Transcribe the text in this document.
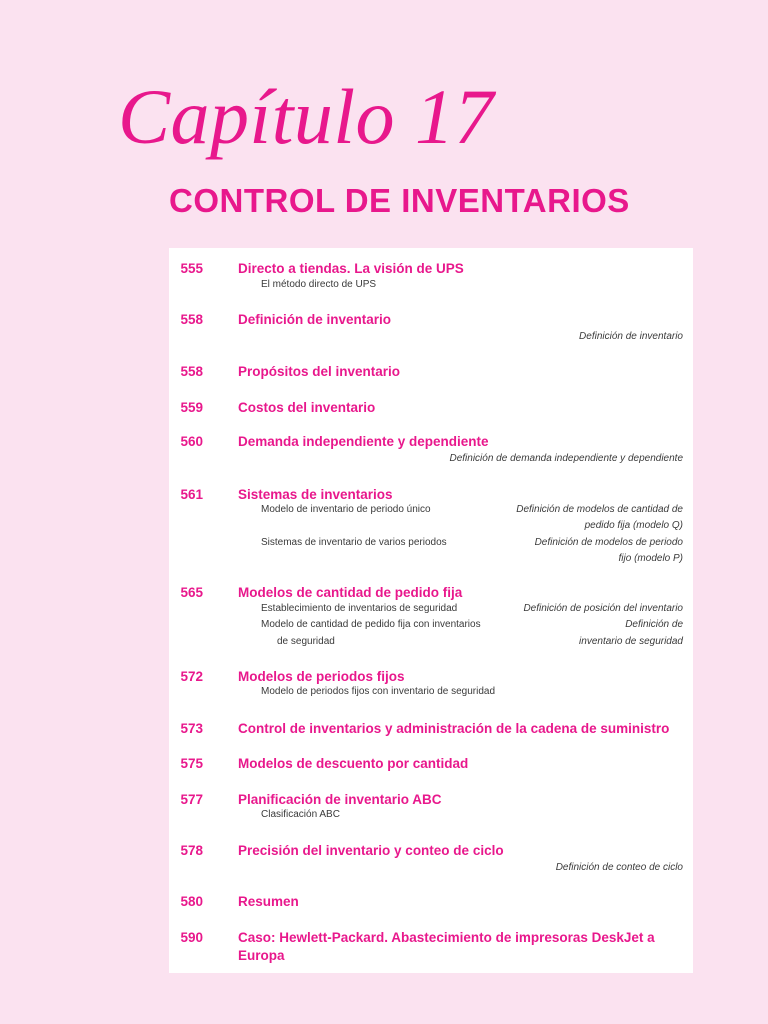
Capítulo 17
CONTROL DE INVENTARIOS
555	Directo a tiendas. La visión de UPS
El método directo de UPS
558	Definición de inventario
Definición de inventario
558	Propósitos del inventario
559	Costos del inventario
560	Demanda independiente y dependiente
Definición de demanda independiente y dependiente
561	Sistemas de inventarios
Modelo de inventario de periodo único	Definición de modelos de cantidad de
pedido fija (modelo Q)
Sistemas de inventario de varios periodos	Definición de modelos de periodo
fijo (modelo P)
565	Modelos de cantidad de pedido fija
Establecimiento de inventarios de seguridad	Definición de posición del inventario
Modelo de cantidad de pedido fija con inventarios	Definición de
de seguridad	inventario de seguridad
572	Modelos de periodos fijos
Modelo de periodos fijos con inventario de seguridad
573	Control de inventarios y administración de la cadena de suministro
575	Modelos de descuento por cantidad
577	Planificación de inventario ABC
Clasificación ABC
578	Precisión del inventario y conteo de ciclo
Definición de conteo de ciclo
580	Resumen
590	Caso: Hewlett-Packard. Abastecimiento de impresoras DeskJet a Europa
